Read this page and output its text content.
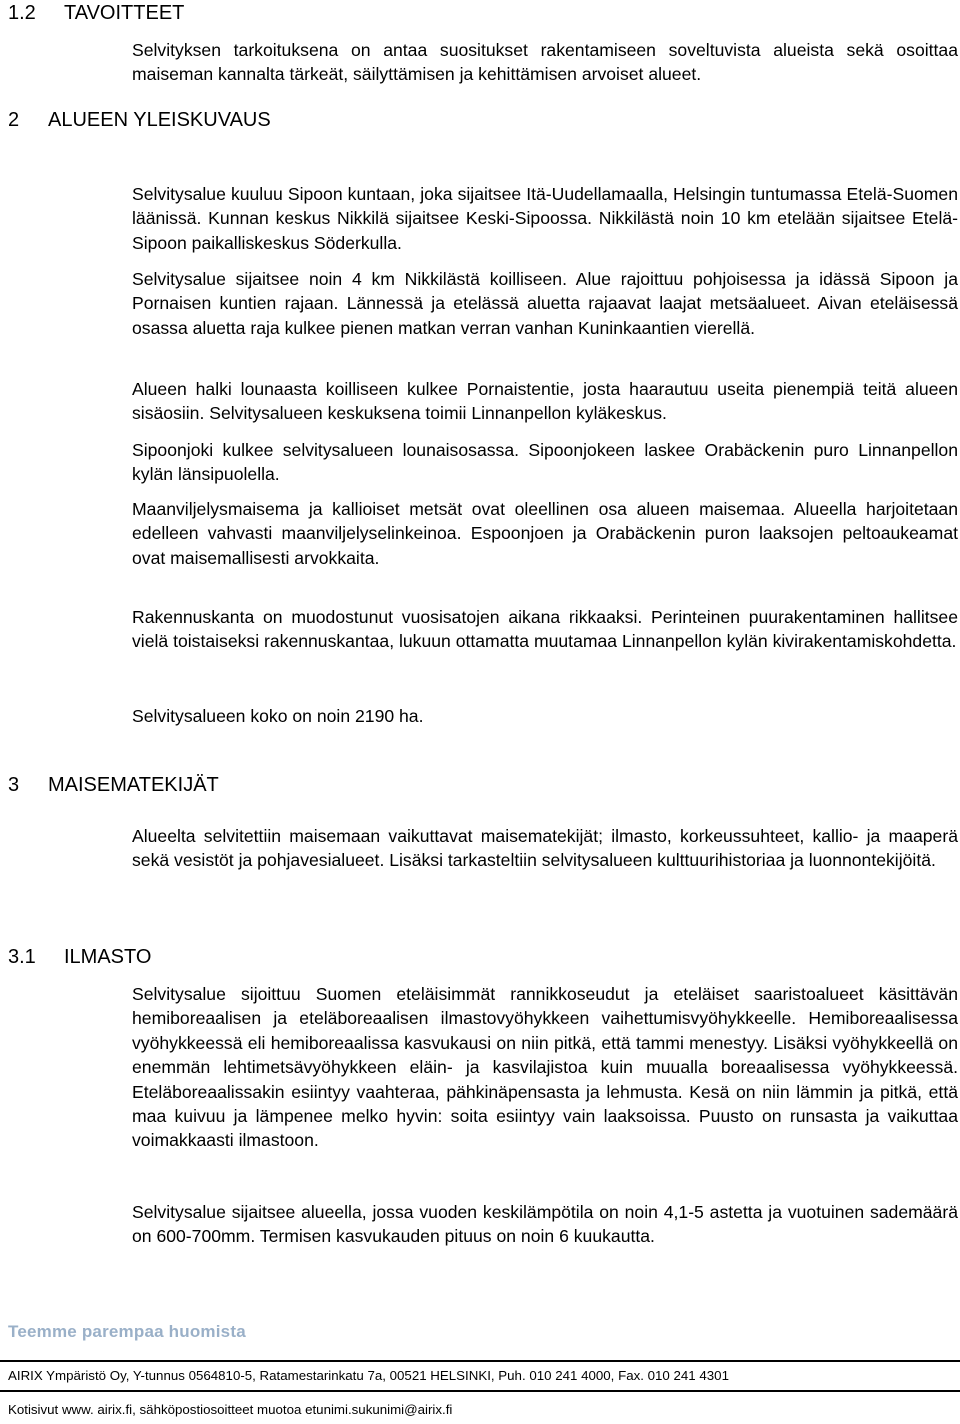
1.2 TAVOITTEET
Selvityksen tarkoituksena on antaa suositukset rakentamiseen soveltuvista alueista sekä osoittaa maiseman kannalta tärkeät, säilyttämisen ja kehittämisen arvoiset alueet.
2 ALUEEN YLEISKUVAUS
Selvitysalue kuuluu Sipoon kuntaan, joka sijaitsee Itä-Uudellamaalla, Helsingin tuntumassa Etelä-Suomen läänissä. Kunnan keskus Nikkilä sijaitsee Keski-Sipoossa. Nikkilästä noin 10 km etelään sijaitsee Etelä-Sipoon paikalliskeskus Söderkulla.
Selvitysalue sijaitsee noin 4 km Nikkilästä koilliseen. Alue rajoittuu pohjoisessa ja idässä Sipoon ja Pornaisen kuntien rajaan. Lännessä ja etelässä aluetta rajaavat laajat metsäalueet. Aivan eteläisessä osassa aluetta raja kulkee pienen matkan verran vanhan Kuninkaantien vierellä.
Alueen halki lounaasta koilliseen kulkee Pornaistentie, josta haarautuu useita pienempiä teitä alueen sisäosiin. Selvitysalueen keskuksena toimii Linnanpellon kyläkeskus.
Sipoonjoki kulkee selvitysalueen lounaisosassa. Sipoonjokeen laskee Orabäckenin puro Linnanpellon kylän länsipuolella.
Maanviljelysmaisema ja kallioiset metsät ovat oleellinen osa alueen maisemaa. Alueella harjoitetaan edelleen vahvasti maanviljelyselinkeinoa. Espoonjoen ja Orabäckenin puron laaksojen peltoaukeamat ovat maisemallisesti arvokkaita.
Rakennuskanta on muodostunut vuosisatojen aikana rikkaaksi. Perinteinen puurakentaminen hallitsee vielä toistaiseksi rakennuskantaa, lukuun ottamatta muutamaa Linnanpellon kylän kivirakentamiskohdetta.
Selvitysalueen koko on noin 2190 ha.
3 MAISEMATEKIJÄT
Alueelta selvitettiin maisemaan vaikuttavat maisematekijät; ilmasto, korkeussuhteet, kallio- ja maaperä sekä vesistöt ja pohjavesialueet. Lisäksi tarkasteltiin selvitysalueen kulttuurihistoriaa ja luonnontekijöitä.
3.1 ILMASTO
Selvitysalue sijoittuu Suomen eteläisimmät rannikkoseudut ja eteläiset saaristoalueet käsittävän hemiboreaalisen ja eteläboreaalisen ilmastovyöhykkeen vaihettumisvyöhykkeelle. Hemiboreaalisessa vyöhykkeessä eli hemiboreaalissa kasvukausi on niin pitkä, että tammi menestyy. Lisäksi vyöhykkeellä on enemmän lehtimetsävyöhykkeen eläin- ja kasvilajistoa kuin muualla boreaalisessa vyöhykkeessä. Eteläboreaalissakin esiintyy vaahteraa, pähkinäpensasta ja lehmusta. Kesä on niin lämmin ja pitkä, että maa kuivuu ja lämpenee melko hyvin: soita esiintyy vain laaksoissa. Puusto on runsasta ja vaikuttaa voimakkaasti ilmastoon.
Selvitysalue sijaitsee alueella, jossa vuoden keskilämpötila on noin 4,1-5 astetta ja vuotuinen sademäärä on 600-700mm. Termisen kasvukauden pituus on noin 6 kuukautta.
Teemme parempaa huomista
AIRIX Ympäristö Oy, Y-tunnus 0564810-5, Ratamestarinkatu 7a, 00521 HELSINKI, Puh. 010 241 4000, Fax. 010 241 4301
Kotisivut www. airix.fi, sähköpostiosoitteet muotoa etunimi.sukunimi@airix.fi
